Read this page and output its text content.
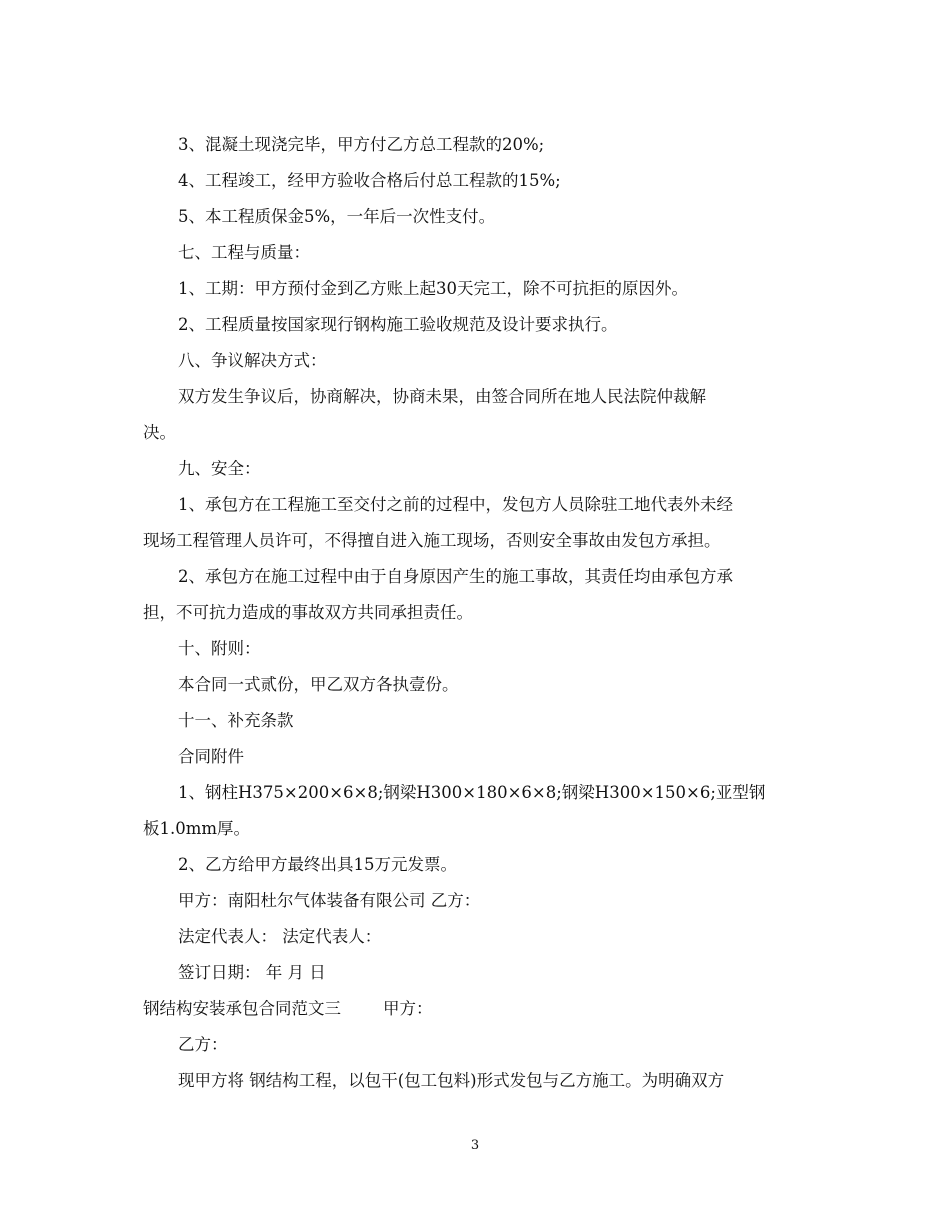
3、混凝土现浇完毕，甲方付乙方总工程款的20%;
4、工程竣工，经甲方验收合格后付总工程款的15%;
5、本工程质保金5%，一年后一次性支付。
七、工程与质量：
1、工期：甲方预付金到乙方账上起30天完工，除不可抗拒的原因外。
2、工程质量按国家现行钢构施工验收规范及设计要求执行。
八、争议解决方式：
双方发生争议后，协商解决，协商未果，由签合同所在地人民法院仲裁解
决。
九、安全：
1、承包方在工程施工至交付之前的过程中，发包方人员除驻工地代表外未经
现场工程管理人员许可，不得擅自进入施工现场，否则安全事故由发包方承担。
2、承包方在施工过程中由于自身原因产生的施工事故，其责任均由承包方承
担，不可抗力造成的事故双方共同承担责任。
十、附则：
本合同一式贰份，甲乙双方各执壹份。
十一、补充条款
合同附件
1、钢柱H375×200×6×8;钢梁H300×180×6×8;钢梁H300×150×6;亚型钢
板1.0mm厚。
2、乙方给甲方最终出具15万元发票。
甲方：南阳杜尔气体装备有限公司 乙方：
法定代表人： 法定代表人：
签订日期： 年 月 日
钢结构安装承包合同范文三	甲方：
乙方：
现甲方将 钢结构工程，以包干(包工包料)形式发包与乙方施工。为明确双方
3
